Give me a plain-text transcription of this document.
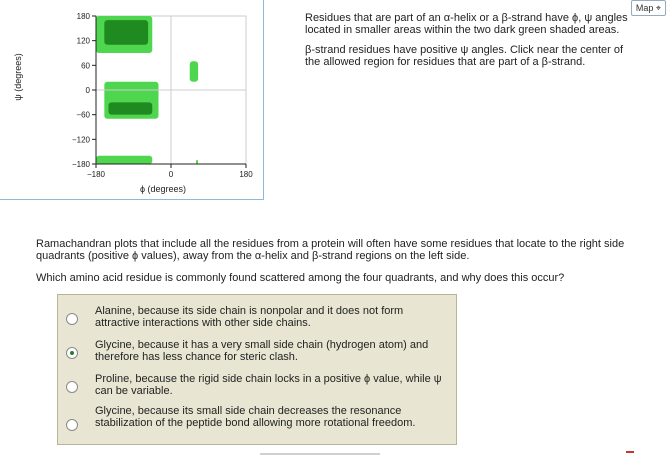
180
120
60
0
−60
−120
−180
−180	0	180
ψ (degrees)
ϕ (degrees)
Map ⌖

Residues that are part of an α-helix or a β-strand have ϕ, ψ angles located in smaller areas within the two dark green shaded areas.

β-strand residues have positive ψ angles. Click near the center of the allowed region for residues that are part of a β-strand.

Ramachandran plots that include all the residues from a protein will often have some residues that locate to the right side quadrants (positive ϕ values), away from the α-helix and β-strand regions on the left side.

Which amino acid residue is commonly found scattered among the four quadrants, and why does this occur?

Alanine, because its side chain is nonpolar and it does not form attractive interactions with other side chains.
Glycine, because it has a very small side chain (hydrogen atom) and therefore has less chance for steric clash.
Proline, because the rigid side chain locks in a positive ϕ value, while ψ can be variable.
Glycine, because its small side chain decreases the resonance stabilization of the peptide bond allowing more rotational freedom.
